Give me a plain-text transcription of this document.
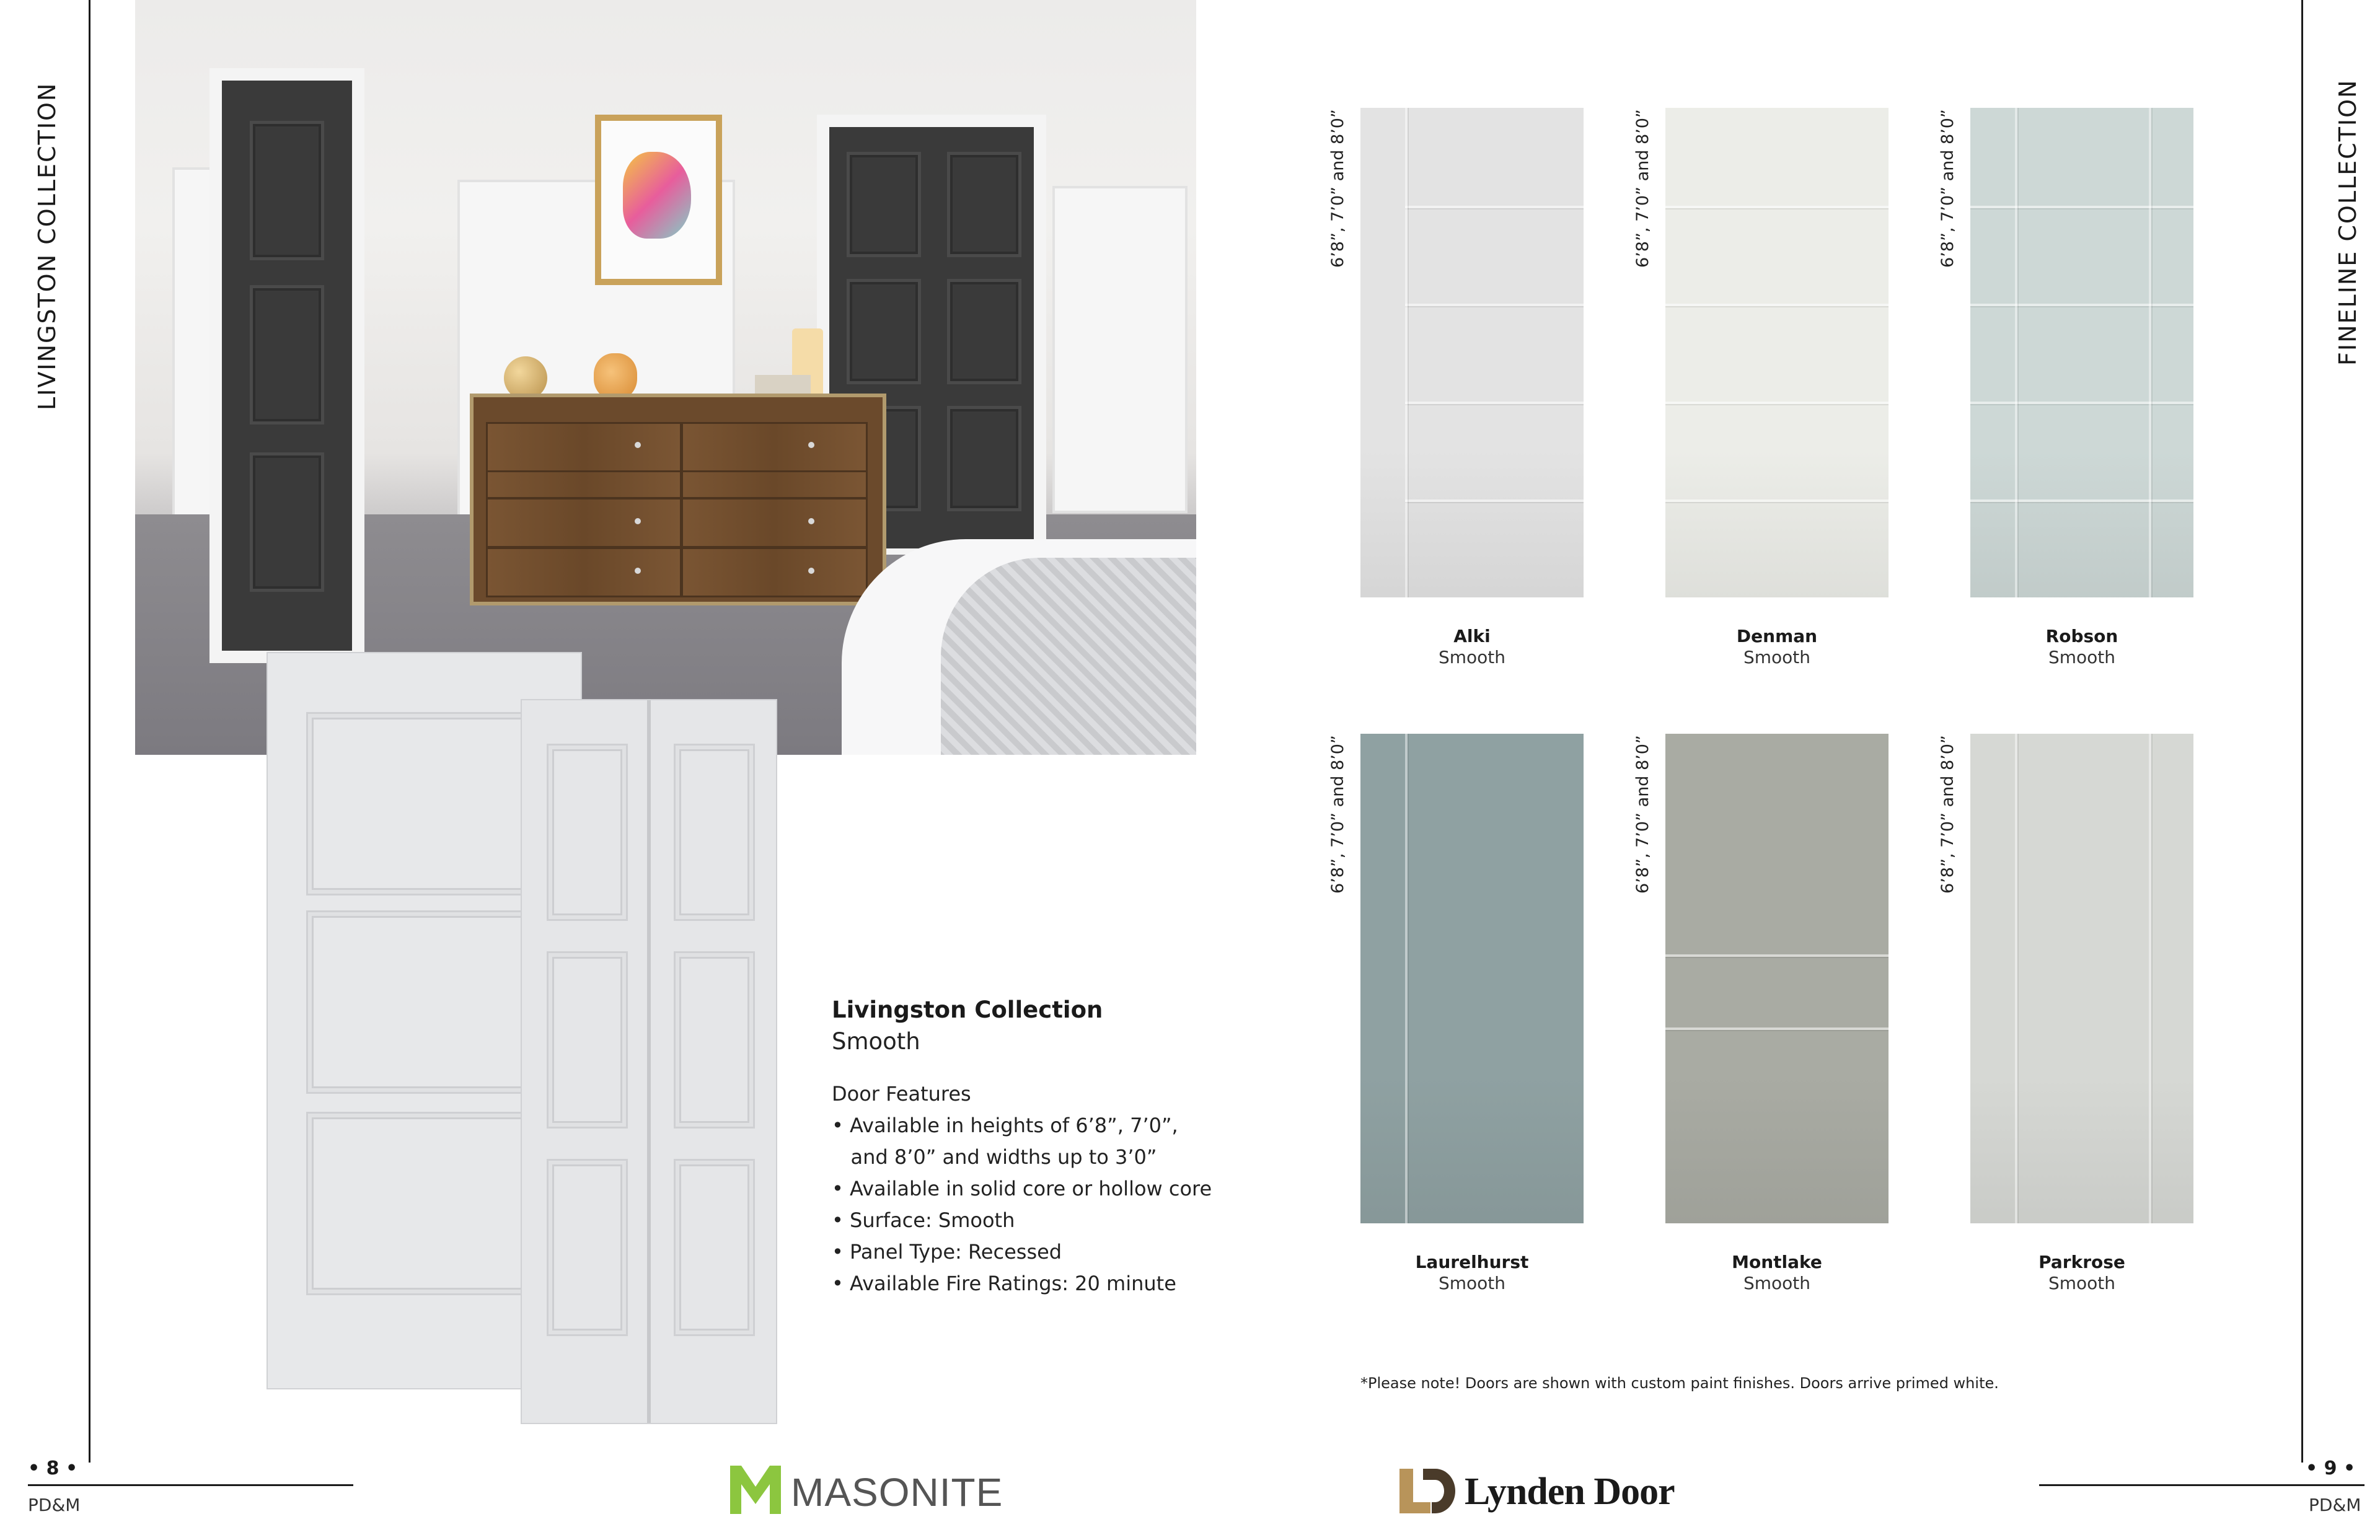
LIVINGSTON COLLECTION
• 8 •
PD&M
Livingston Collection
Smooth
Door Features
• Available in heights of 6’8”, 7’0”,
and 8’0” and widths up to 3’0”
• Available in solid core or hollow core
• Surface: Smooth
• Panel Type: Recessed
• Available Fire Ratings: 20 minute
MASONITE	Lynden Door
6’8”, 7’0” and 8’0”
Alki
Smooth
6’8”, 7’0” and 8’0”
Denman
Smooth
6’8”, 7’0” and 8’0”
Robson
Smooth
6’8”, 7’0” and 8’0”
Laurelhurst
Smooth
6’8”, 7’0” and 8’0”
Montlake
Smooth
6’8”, 7’0” and 8’0”
Parkrose
Smooth
*Please note! Doors are shown with custom paint finishes. Doors arrive primed white.
FINELINE COLLECTION
• 9 •
PD&M
